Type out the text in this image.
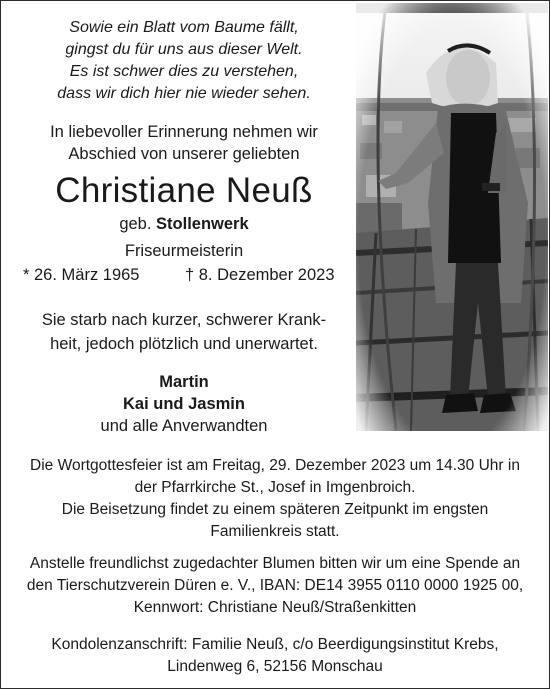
Sowie ein Blatt vom Baume fällt,
gingst du für uns aus dieser Welt.
Es ist schwer dies zu verstehen,
dass wir dich hier nie wieder sehen.
In liebevoller Erinnerung nehmen wir
Abschied von unserer geliebten
Christiane Neuß
geb. Stollenwerk
Friseurmeisterin
* 26. März 1965	† 8. Dezember 2023
Sie starb nach kurzer, schwerer Krank-
heit, jedoch plötzlich und unerwartet.
Martin
Kai und Jasmin
und alle Anverwandten
Die Wortgottesfeier ist am Freitag, 29. Dezember 2023 um 14.30 Uhr in
der Pfarrkirche St., Josef in Imgenbroich.
Die Beisetzung findet zu einem späteren Zeitpunkt im engsten
Familienkreis statt.
Anstelle freundlichst zugedachter Blumen bitten wir um eine Spende an
den Tierschutzverein Düren e. V., IBAN: DE14 3955 0110 0000 1925 00,
Kennwort: Christiane Neuß/Straßenkitten
Kondolenzanschrift: Familie Neuß, c/o Beerdigungsinstitut Krebs,
Lindenweg 6, 52156 Monschau
